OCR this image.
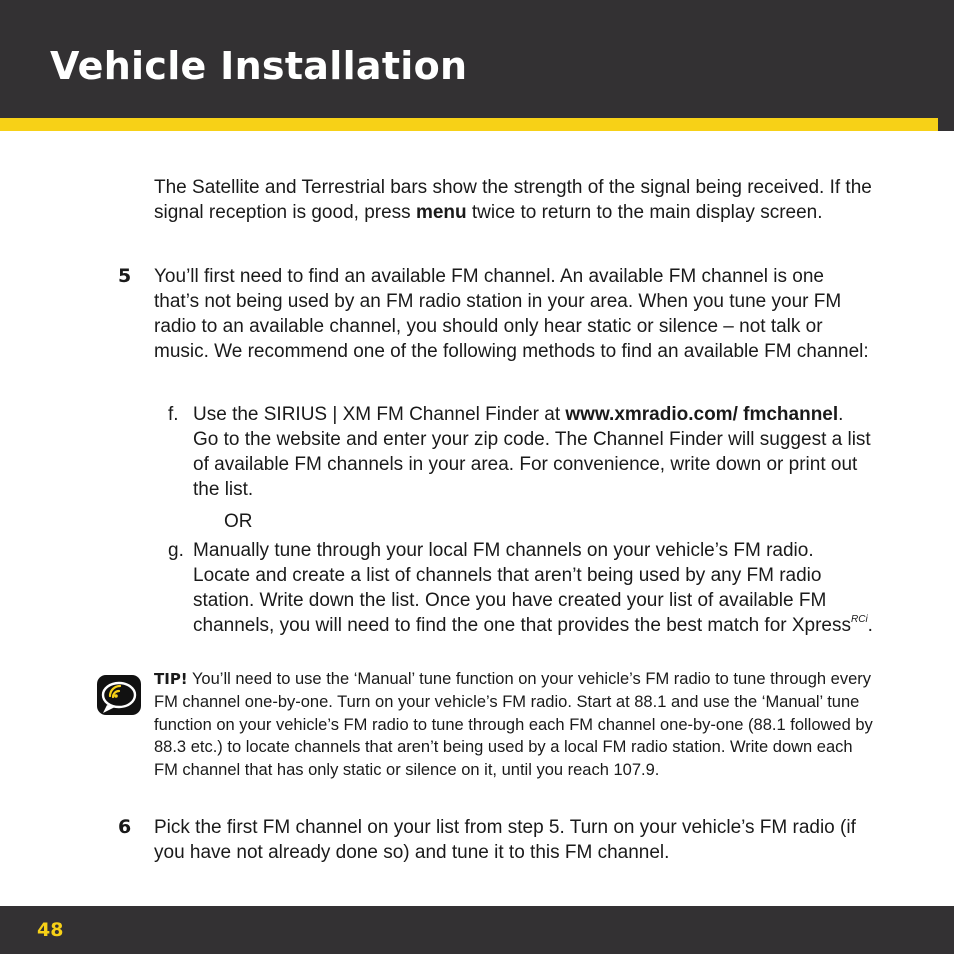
Vehicle Installation

The Satellite and Terrestrial bars show the strength of the signal being received. If the signal reception is good, press menu twice to return to the main display screen.

5 You’ll first need to find an available FM channel. An available FM channel is one that’s not being used by an FM radio station in your area. When you tune your FM radio to an available channel, you should only hear static or silence – not talk or music. We recommend one of the following methods to find an available FM channel:

f. Use the SIRIUS | XM FM Channel Finder at www.xmradio.com/ fmchannel. Go to the website and enter your zip code. The Channel Finder will suggest a list of available FM channels in your area. For convenience, write down or print out the list.

OR
g. Manually tune through your local FM channels on your vehicle’s FM radio. Locate and create a list of channels that aren’t being used by any FM radio station. Write down the list. Once you have created your list of available FM channels, you will need to find the one that provides the best match for Xpress$^{RCi}$.

TIP! You’ll need to use the ‘Manual’ tune function on your vehicle’s FM radio to tune through every FM channel one-by-one. Turn on your vehicle’s FM radio. Start at 88.1 and use the ‘Manual’ tune function on your vehicle’s FM radio to tune through each FM channel one-by-one (88.1 followed by 88.3 etc.) to locate channels that aren’t being used by a local FM radio station. Write down each FM channel that has only static or silence on it, until you reach 107.9.

6 Pick the first FM channel on your list from step 5. Turn on your vehicle’s FM radio (if you have not already done so) and tune it to this FM channel.

48
